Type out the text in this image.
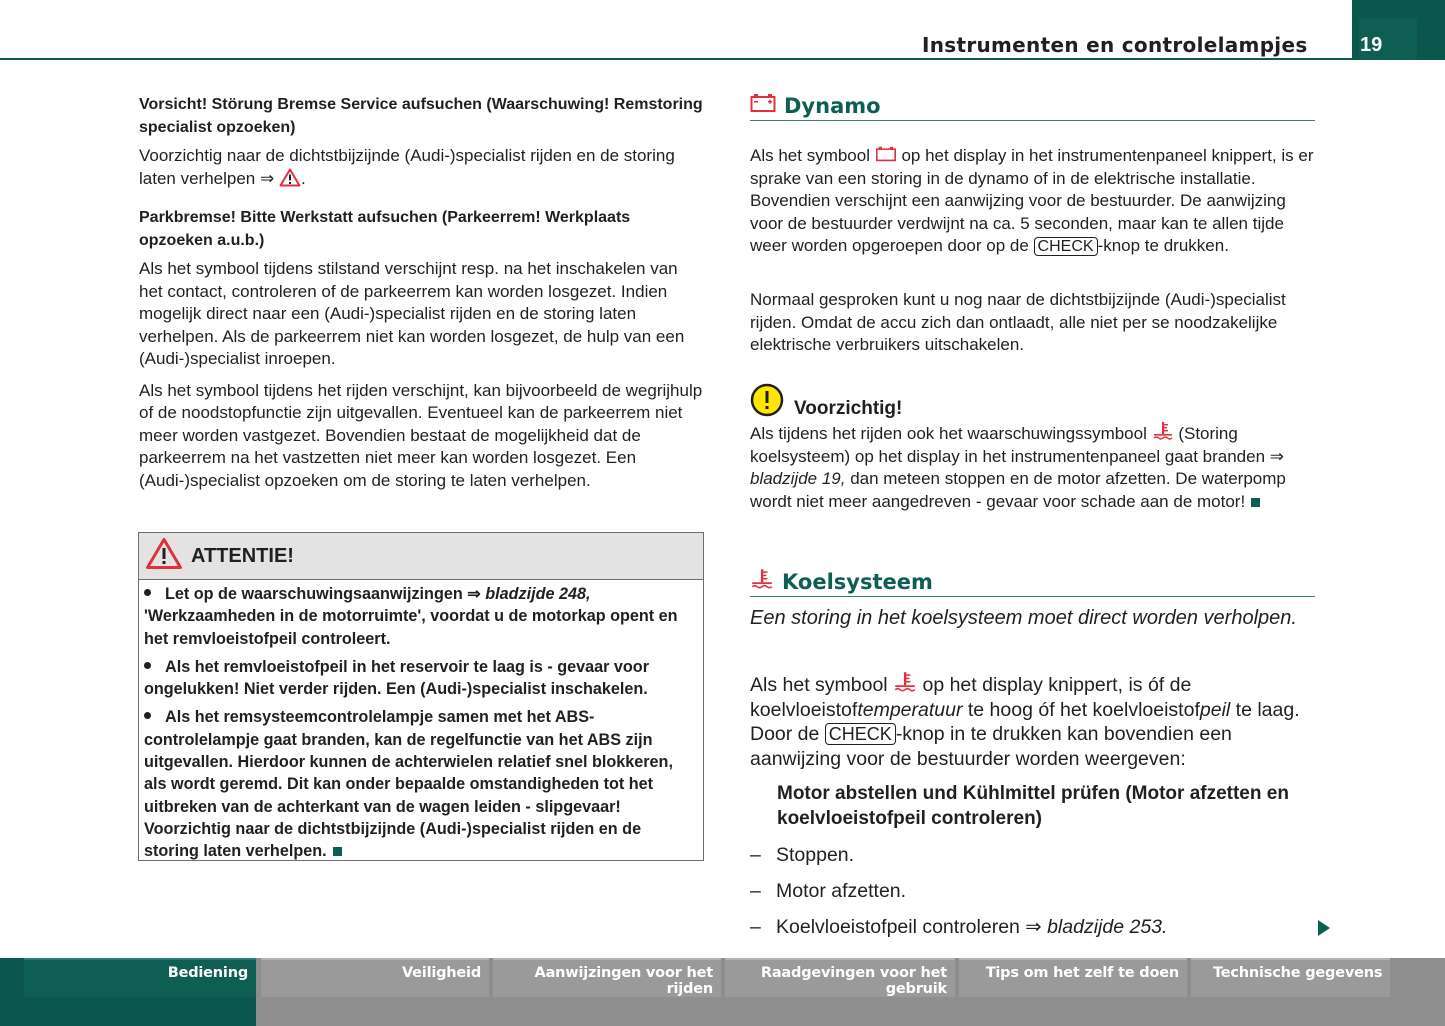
Instrumenten en controlelampjes	19
Vorsicht! Störung Bremse Service aufsuchen (Waarschuwing! Remstoring specialist opzoeken)
Voorzichtig naar de dichtstbijzijnde (Audi-)specialist rijden en de storing laten verhelpen ⇒ .
Parkbremse! Bitte Werkstatt aufsuchen (Parkeerrem! Werkplaats opzoeken a.u.b.)
Als het symbool tijdens stilstand verschijnt resp. na het inschakelen van het contact, controleren of de parkeerrem kan worden losgezet. Indien mogelijk direct naar een (Audi-)specialist rijden en de storing laten verhelpen. Als de parkeerrem niet kan worden losgezet, de hulp van een (Audi-)specialist inroepen.
Als het symbool tijdens het rijden verschijnt, kan bijvoorbeeld de wegrijhulp of de noodstopfunctie zijn uitgevallen. Eventueel kan de parkeerrem niet meer worden vastgezet. Bovendien bestaat de mogelijkheid dat de parkeerrem na het vastzetten niet meer kan worden losgezet. Een (Audi-)specialist opzoeken om de storing te laten verhelpen.
ATTENTIE!
Let op de waarschuwingsaanwijzingen ⇒ bladzijde 248, 'Werkzaamheden in de motorruimte', voordat u de motorkap opent en het remvloeistofpeil controleert.
Als het remvloeistofpeil in het reservoir te laag is - gevaar voor ongelukken! Niet verder rijden. Een (Audi-)specialist inschakelen.
Als het remsysteemcontrolelampje samen met het ABS-controlelampje gaat branden, kan de regelfunctie van het ABS zijn uitgevallen. Hierdoor kunnen de achterwielen relatief snel blokkeren, als wordt geremd. Dit kan onder bepaalde omstandigheden tot het uitbreken van de achterkant van de wagen leiden - slipgevaar! Voorzichtig naar de dichtstbijzijnde (Audi-)specialist rijden en de storing laten verhelpen.
Dynamo
Als het symbool  op het display in het instrumentenpaneel knippert, is er sprake van een storing in de dynamo of in de elektrische installatie. Bovendien verschijnt een aanwijzing voor de bestuurder. De aanwijzing voor de bestuurder verdwijnt na ca. 5 seconden, maar kan te allen tijde weer worden opgeroepen door op de CHECK -knop te drukken.
Normaal gesproken kunt u nog naar de dichtstbijzijnde (Audi-)specialist rijden. Omdat de accu zich dan ontlaadt, alle niet per se noodzakelijke elektrische verbruikers uitschakelen.
Voorzichtig!
Als tijdens het rijden ook het waarschuwingssymbool  (Storing koelsysteem) op het display in het instrumentenpaneel gaat branden ⇒ bladzijde 19, dan meteen stoppen en de motor afzetten. De waterpomp wordt niet meer aangedreven - gevaar voor schade aan de motor!
Koelsysteem
Een storing in het koelsysteem moet direct worden verholpen.
Als het symbool  op het display knippert, is óf de koelvloeistoftemperatuur te hoog óf het koelvloeistofpeil te laag. Door de CHECK -knop in te drukken kan bovendien een aanwijzing voor de bestuurder worden weergeven:
Motor abstellen und Kühlmittel prüfen (Motor afzetten en koelvloeistofpeil controleren)
– Stoppen.
– Motor afzetten.
– Koelvloeistofpeil controleren ⇒ bladzijde 253.
Bediening	Veiligheid	Aanwijzingen voor het rijden
Raadgevingen voor het gebruik
Tips om het zelf te doen Technische gegevens
